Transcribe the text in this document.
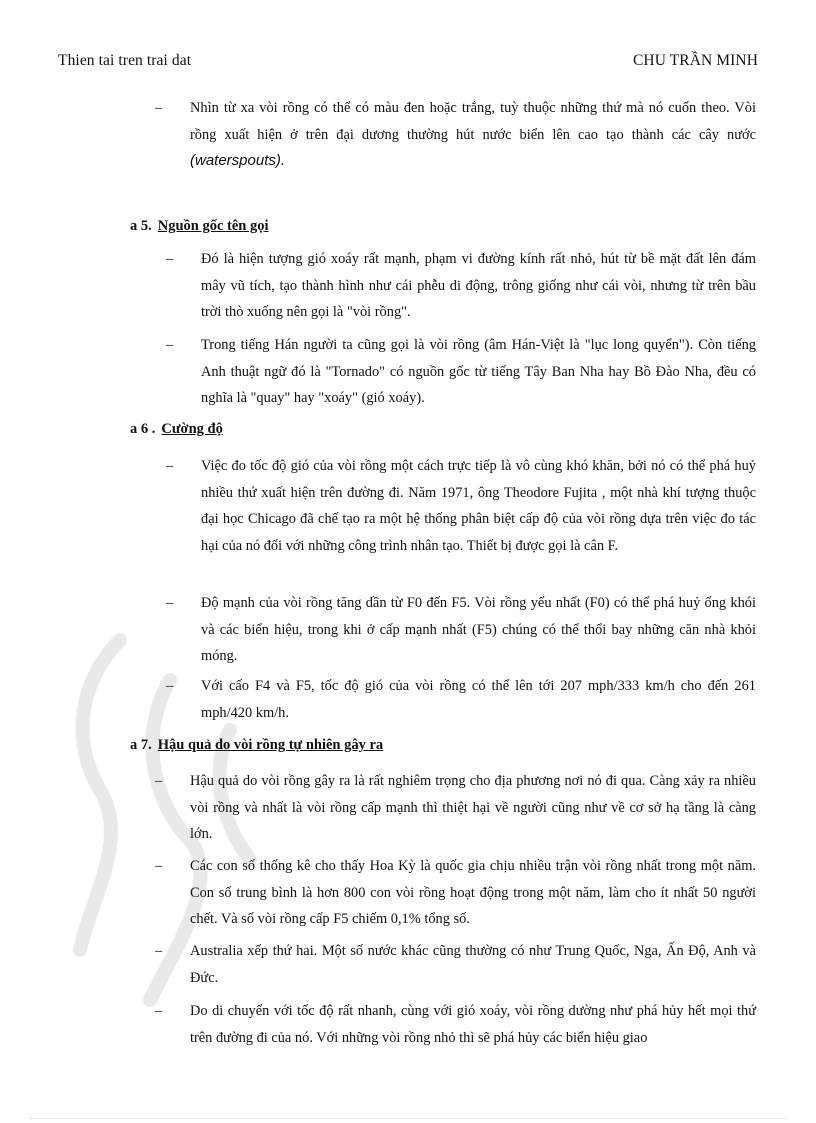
Thien tai tren trai dat	CHU TRẦN MINH
– Nhìn từ xa vòi rồng có thể có màu đen hoặc trắng, tuỳ thuộc những thứ mà nó cuốn theo. Vòi rồng xuất hiện ở trên đại dương thường hút nước biển lên cao tạo thành các cây nước (waterspouts).
a 5. Nguồn gốc tên gọi
– Đó là hiện tượng gió xoáy rất mạnh, phạm vi đường kính rất nhỏ, hút từ bề mặt đất lên đám mây vũ tích, tạo thành hình như cái phễu di động, trông giống như cái vòi, nhưng từ trên bầu trời thò xuống nên gọi là "vòi rồng".
– Trong tiếng Hán người ta cũng gọi là vòi rồng (âm Hán-Việt là "lục long quyển"). Còn tiếng Anh thuật ngữ đó là "Tornado" có nguồn gốc từ tiếng Tây Ban Nha hay Bồ Đào Nha, đều có nghĩa là "quay" hay "xoáy" (gió xoáy).
a 6 . Cường độ
– Việc đo tốc độ gió của vòi rồng một cách trực tiếp là vô cùng khó khăn, bởi nó có thể phá huỷ nhiều thứ xuất hiện trên đường đi. Năm 1971, ông Theodore Fujita , một nhà khí tượng thuộc đại học Chicago đã chế tạo ra một hệ thống phân biệt cấp độ của vòi rồng dựa trên việc đo tác hại của nó đối với những công trình nhân tạo. Thiết bị được gọi là cân F.
– Độ mạnh của vòi rồng tăng dần từ F0 đến F5. Vòi rồng yếu nhất (F0) có thể phá huỷ ống khói và các biển hiệu, trong khi ở cấp mạnh nhất (F5) chúng có thể thổi bay những căn nhà khỏi móng.
– Với cấo F4 và F5, tốc độ gió của vòi rồng có thể lên tới 207 mph/333 km/h cho đến 261 mph/420 km/h.
a 7. Hậu quả do vòi rồng tự nhiên gây ra
– Hậu quả do vòi rồng gây ra là rất nghiêm trọng cho địa phương nơi nó đi qua. Càng xảy ra nhiều vòi rồng và nhất là vòi rồng cấp mạnh thì thiệt hại về người cũng như về cơ sở hạ tầng là càng lớn.
– Các con số thống kê cho thấy Hoa Kỳ là quốc gia chịu nhiều trận vòi rồng nhất trong một năm. Con số trung bình là hơn 800 con vòi rồng hoạt động trong một năm, làm cho ít nhất 50 người chết. Và số vòi rồng cấp F5 chiếm 0,1% tổng số.
– Australia xếp thứ hai. Một số nước khác cũng thường có như Trung Quốc, Nga, Ấn Độ, Anh và Đức.
– Do di chuyển với tốc độ rất nhanh, cùng với gió xoáy, vòi rồng dường như phá hủy hết mọi thứ trên đường đi của nó. Với những vòi rồng nhỏ thì sẽ phá hủy các biển hiệu giao
